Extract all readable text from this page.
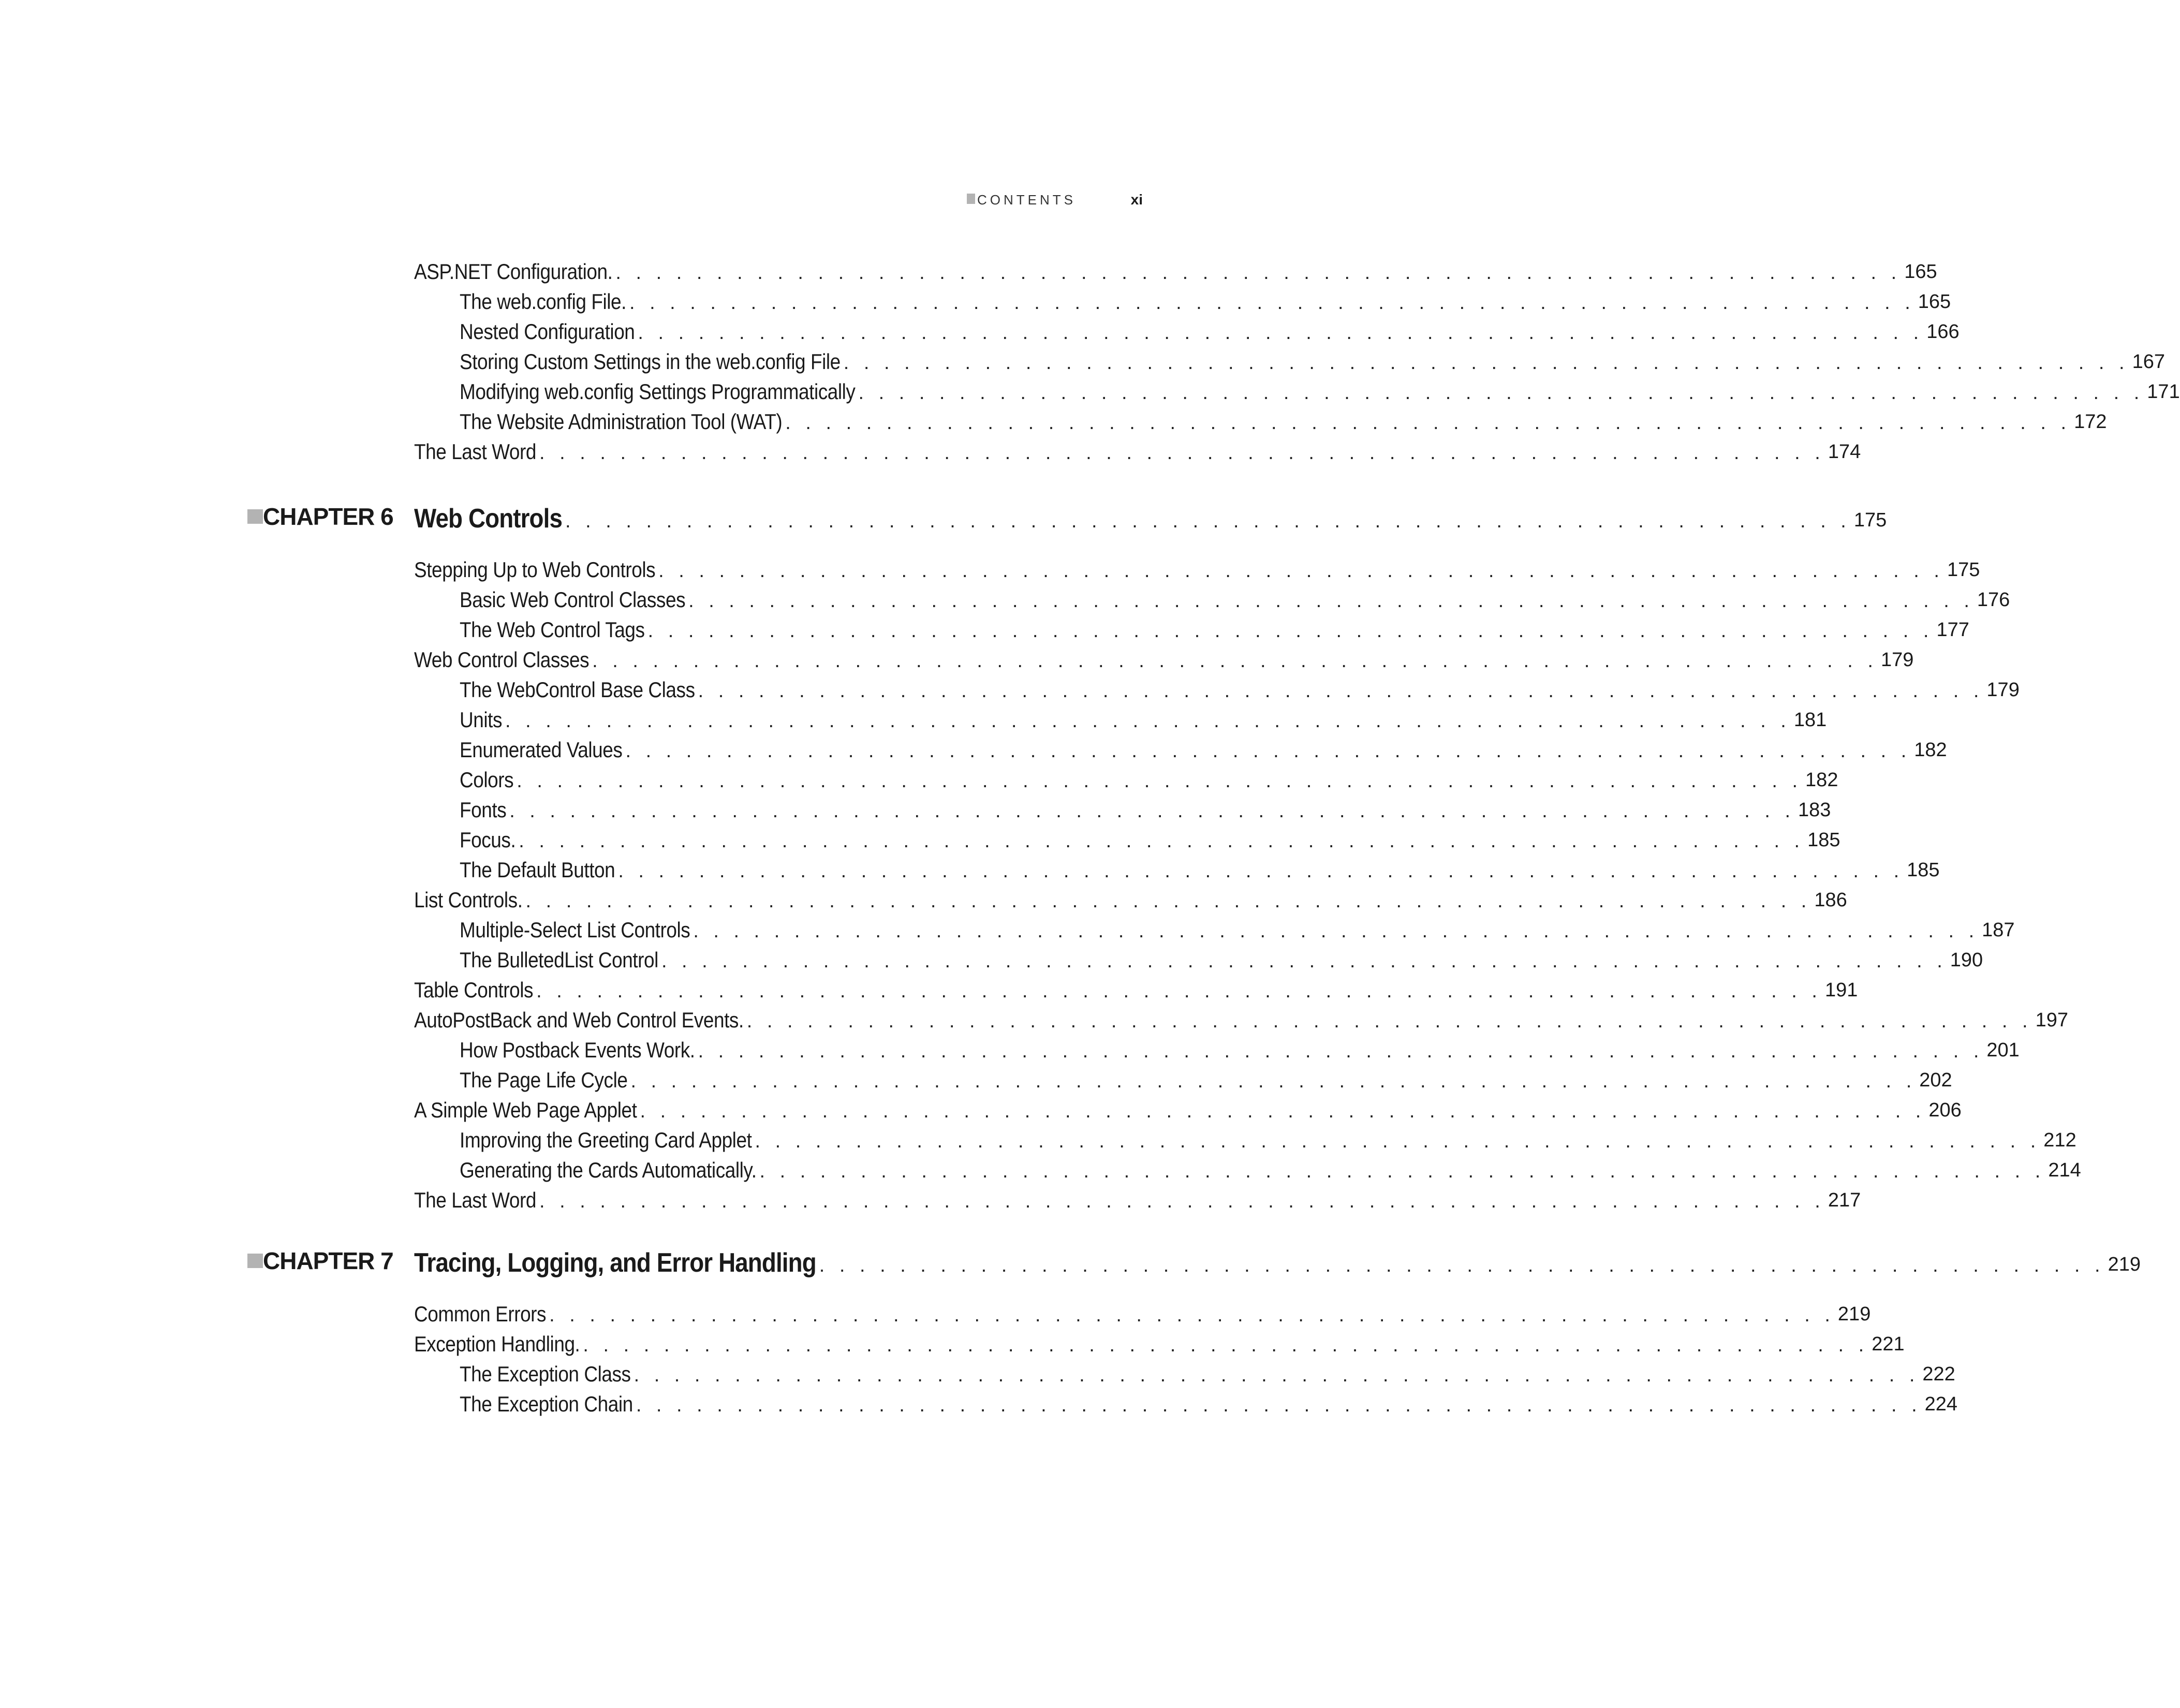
CONTENTS	xi
ASP.NET Configuration. . . . . . . . . . . . . . . . . . . . . . . . . . . . . . . . . . . . . . . . . . . . . . . . . . . . . . . . . . . . . . . . . 165
The web.config File. . . . . . . . . . . . . . . . . . . . . . . . . . . . . . . . . . . . . . . . . . . . . . . . . . . . . . . . . . . . . . . . . 165
Nested Configuration . . . . . . . . . . . . . . . . . . . . . . . . . . . . . . . . . . . . . . . . . . . . . . . . . . . . . . . . . . . . . . . . 166
Storing Custom Settings in the web.config File . . . . . . . . . . . . . . . . . . . . . . . . . . . . . . . . . . . . . . . . . . . . . . . . . . . . . . . . . . . . . . . . 167
Modifying web.config Settings Programmatically . . . . . . . . . . . . . . . . . . . . . . . . . . . . . . . . . . . . . . . . . . . . . . . . . . . . . . . . . . . . . . . . 171
The Website Administration Tool (WAT) . . . . . . . . . . . . . . . . . . . . . . . . . . . . . . . . . . . . . . . . . . . . . . . . . . . . . . . . . . . . . . . . 172
The Last Word . . . . . . . . . . . . . . . . . . . . . . . . . . . . . . . . . . . . . . . . . . . . . . . . . . . . . . . . . . . . . . . . 174
CHAPTER 6 Web Controls . . . . . . . . . . . . . . . . . . . . . . . . . . . . . . . . . . . . . . . . . . . . . . . . . . . . . . . . . . . . . . . . 175
Stepping Up to Web Controls . . . . . . . . . . . . . . . . . . . . . . . . . . . . . . . . . . . . . . . . . . . . . . . . . . . . . . . . . . . . . . . . 175
Basic Web Control Classes . . . . . . . . . . . . . . . . . . . . . . . . . . . . . . . . . . . . . . . . . . . . . . . . . . . . . . . . . . . . . . . . 176
The Web Control Tags . . . . . . . . . . . . . . . . . . . . . . . . . . . . . . . . . . . . . . . . . . . . . . . . . . . . . . . . . . . . . . . . 177
Web Control Classes . . . . . . . . . . . . . . . . . . . . . . . . . . . . . . . . . . . . . . . . . . . . . . . . . . . . . . . . . . . . . . . . 179
The WebControl Base Class . . . . . . . . . . . . . . . . . . . . . . . . . . . . . . . . . . . . . . . . . . . . . . . . . . . . . . . . . . . . . . . . 179
Units . . . . . . . . . . . . . . . . . . . . . . . . . . . . . . . . . . . . . . . . . . . . . . . . . . . . . . . . . . . . . . . . 181
Enumerated Values . . . . . . . . . . . . . . . . . . . . . . . . . . . . . . . . . . . . . . . . . . . . . . . . . . . . . . . . . . . . . . . . 182
Colors . . . . . . . . . . . . . . . . . . . . . . . . . . . . . . . . . . . . . . . . . . . . . . . . . . . . . . . . . . . . . . . . 182
Fonts . . . . . . . . . . . . . . . . . . . . . . . . . . . . . . . . . . . . . . . . . . . . . . . . . . . . . . . . . . . . . . . . 183
Focus. . . . . . . . . . . . . . . . . . . . . . . . . . . . . . . . . . . . . . . . . . . . . . . . . . . . . . . . . . . . . . . . . 185
The Default Button . . . . . . . . . . . . . . . . . . . . . . . . . . . . . . . . . . . . . . . . . . . . . . . . . . . . . . . . . . . . . . . . 185
List Controls. . . . . . . . . . . . . . . . . . . . . . . . . . . . . . . . . . . . . . . . . . . . . . . . . . . . . . . . . . . . . . . . . 186
Multiple-Select List Controls . . . . . . . . . . . . . . . . . . . . . . . . . . . . . . . . . . . . . . . . . . . . . . . . . . . . . . . . . . . . . . . . 187
The BulletedList Control . . . . . . . . . . . . . . . . . . . . . . . . . . . . . . . . . . . . . . . . . . . . . . . . . . . . . . . . . . . . . . . . 190
Table Controls . . . . . . . . . . . . . . . . . . . . . . . . . . . . . . . . . . . . . . . . . . . . . . . . . . . . . . . . . . . . . . . . 191
AutoPostBack and Web Control Events. . . . . . . . . . . . . . . . . . . . . . . . . . . . . . . . . . . . . . . . . . . . . . . . . . . . . . . . . . . . . . . . . 197
How Postback Events Work. . . . . . . . . . . . . . . . . . . . . . . . . . . . . . . . . . . . . . . . . . . . . . . . . . . . . . . . . . . . . . . . . 201
The Page Life Cycle . . . . . . . . . . . . . . . . . . . . . . . . . . . . . . . . . . . . . . . . . . . . . . . . . . . . . . . . . . . . . . . . 202
A Simple Web Page Applet . . . . . . . . . . . . . . . . . . . . . . . . . . . . . . . . . . . . . . . . . . . . . . . . . . . . . . . . . . . . . . . . 206
Improving the Greeting Card Applet . . . . . . . . . . . . . . . . . . . . . . . . . . . . . . . . . . . . . . . . . . . . . . . . . . . . . . . . . . . . . . . . 212
Generating the Cards Automatically. . . . . . . . . . . . . . . . . . . . . . . . . . . . . . . . . . . . . . . . . . . . . . . . . . . . . . . . . . . . . . . . . 214
The Last Word . . . . . . . . . . . . . . . . . . . . . . . . . . . . . . . . . . . . . . . . . . . . . . . . . . . . . . . . . . . . . . . . 217
CHAPTER 7 Tracing, Logging, and Error Handling . . . . . . . . . . . . . . . . . . . . . . . . . . . . . . . . . . . . . . . . . . . . . . . . . . . . . . . . . . . . . . . . 219
Common Errors . . . . . . . . . . . . . . . . . . . . . . . . . . . . . . . . . . . . . . . . . . . . . . . . . . . . . . . . . . . . . . . . 219
Exception Handling. . . . . . . . . . . . . . . . . . . . . . . . . . . . . . . . . . . . . . . . . . . . . . . . . . . . . . . . . . . . . . . . . 221
The Exception Class . . . . . . . . . . . . . . . . . . . . . . . . . . . . . . . . . . . . . . . . . . . . . . . . . . . . . . . . . . . . . . . . 222
The Exception Chain . . . . . . . . . . . . . . . . . . . . . . . . . . . . . . . . . . . . . . . . . . . . . . . . . . . . . . . . . . . . . . . . 224
